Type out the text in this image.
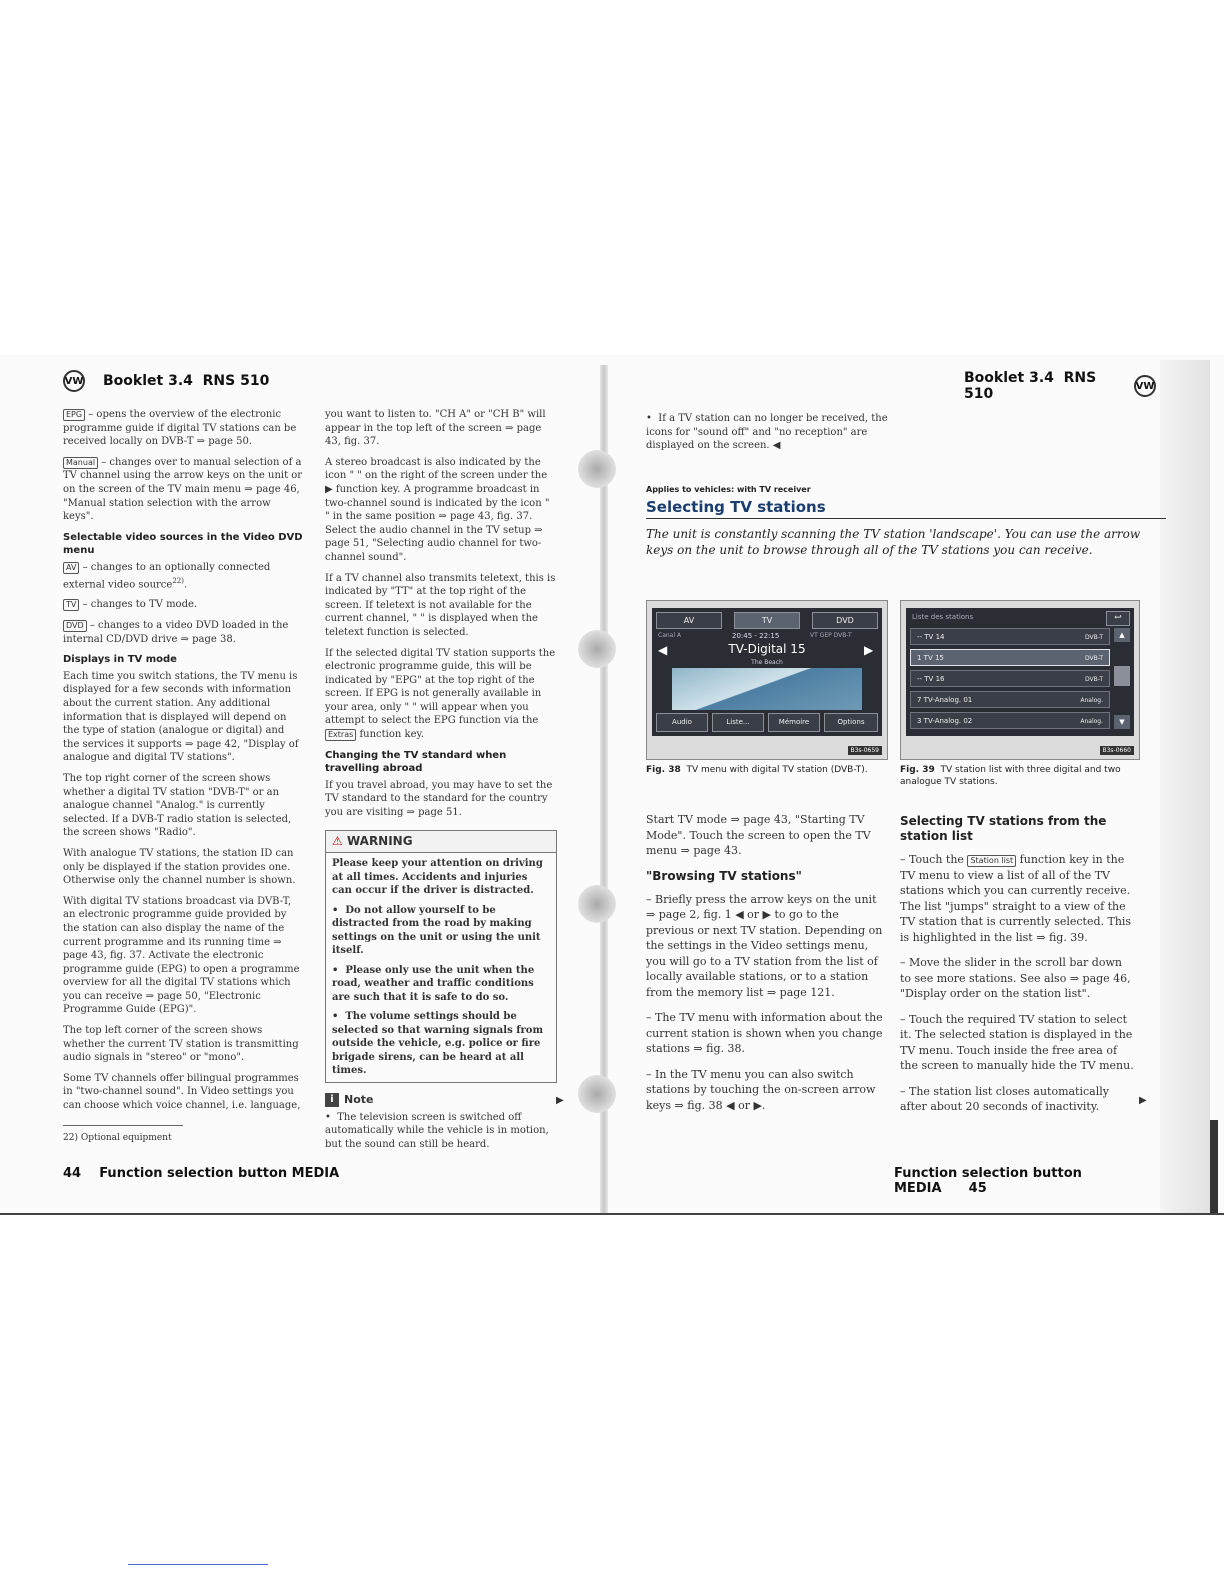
VW Booklet 3.4 RNS 510

EPG – opens the overview of the electronic programme guide if digital TV stations can be received locally on DVB-T ⇒ page 50.

Manual – changes over to manual selection of a TV channel using the arrow keys on the unit or on the screen of the TV main menu ⇒ page 46, "Manual station selection with the arrow keys".

Selectable video sources in the Video DVD menu

AV – changes to an optionally connected external video source$^{22)}$.

TV – changes to TV mode.

DVD – changes to a video DVD loaded in the internal CD/DVD drive ⇒ page 38.

Displays in TV mode

Each time you switch stations, the TV menu is displayed for a few seconds with information about the current station. Any additional information that is displayed will depend on the type of station (analogue or digital) and the services it supports ⇒ page 42, "Display of analogue and digital TV stations".

The top right corner of the screen shows whether a digital TV station "DVB-T" or an analogue channel "Analog." is currently selected. If a DVB-T radio station is selected, the screen shows "Radio".

With analogue TV stations, the station ID can only be displayed if the station provides one. Otherwise only the channel number is shown.

With digital TV stations broadcast via DVB-T, an electronic programme guide provided by the station can also display the name of the current programme and its running time ⇒ page 43, fig. 37. Activate the electronic programme guide (EPG) to open a programme overview for all the digital TV stations which you can receive ⇒ page 50, "Electronic Programme Guide (EPG)".

The top left corner of the screen shows whether the current TV station is transmitting audio signals in "stereo" or "mono".

Some TV channels offer bilingual programmes in "two-channel sound". In Video settings you can choose which voice channel, i.e. language,

you want to listen to. "CH A" or "CH B" will appear in the top left of the screen ⇒ page 43, fig. 37.

A stereo broadcast is also indicated by the icon " " on the right of the screen under the ▶ function key. A programme broadcast in two-channel sound is indicated by the icon " " in the same position ⇒ page 43, fig. 37. Select the audio channel in the TV setup ⇒ page 51, "Selecting audio channel for two-channel sound".

If a TV channel also transmits teletext, this is indicated by "TT" at the top right of the screen. If teletext is not available for the current channel, " " is displayed when the teletext function is selected.

If the selected digital TV station supports the electronic programme guide, this will be indicated by "EPG" at the top right of the screen. If EPG is not generally available in your area, only " " will appear when you attempt to select the EPG function via the Extras function key.

Changing the TV standard when travelling abroad

If you travel abroad, you may have to set the TV standard to the standard for the country you are visiting ⇒ page 51.

⚠ WARNING

Please keep your attention on driving at all times. Accidents and injuries can occur if the driver is distracted.

•  Do not allow yourself to be distracted from the road by making settings on the unit or using the unit itself.

•  Please only use the unit when the road, weather and traffic conditions are such that it is safe to do so.

•  The volume settings should be selected so that warning signals from outside the vehicle, e.g. police or fire brigade sirens, can be heard at all times.

i Note

•  The television screen is switched off automatically while the vehicle is in motion, but the sound can still be heard.

▶
22) Optional equipment
44 Function selection button MEDIA
Booklet 3.4 RNS 510	VW

•  If a TV station can no longer be received, the icons for "sound off" and "no reception" are displayed on the screen. ◀

Applies to vehicles: with TV receiver
Selecting TV stations
The unit is constantly scanning the TV station 'landscape'. You can use the arrow keys on the unit to browse through all of the TV stations you can receive.
AV	TV	DVD
Canal A	20:45 - 22:15	VT GEP DVB-T
◀	▶
TV-Digital 15
The Beach
Audio	Liste...	Mémoire	Options
B3s-0659
Fig. 38 TV menu with digital TV station (DVB-T).
Liste des stations	↩
-- TV 14	DVB-T
1 TV 15	DVB-T
-- TV 16	DVB-T
7 TV-Analog. 01	Analog.
3 TV-Analog. 02	Analog.
▲
▼
B3s-0660
Fig. 39 TV station list with three digital and two analogue TV stations.

Start TV mode ⇒ page 43, "Starting TV Mode". Touch the screen to open the TV menu ⇒ page 43.

"Browsing TV stations"

– Briefly press the arrow keys on the unit ⇒ page 2, fig. 1 ◀ or ▶ to go to the previous or next TV station. Depending on the settings in the Video settings menu, you will go to a TV station from the list of locally available stations, or to a station from the memory list ⇒ page 121.

– The TV menu with information about the current station is shown when you change stations ⇒ fig. 38.

– In the TV menu you can also switch stations by touching the on-screen arrow keys ⇒ fig. 38 ◀ or ▶.

Selecting TV stations from the station list

– Touch the Station list function key in the TV menu to view a list of all of the TV stations which you can currently receive. The list "jumps" straight to a view of the TV station that is currently selected. This is highlighted in the list ⇒ fig. 39.

– Move the slider in the scroll bar down to see more stations. See also ⇒ page 46, "Display order on the station list".

– Touch the required TV station to select it. The selected station is displayed in the TV menu. Touch inside the free area of the screen to manually hide the TV menu.

– The station list closes automatically after about 20 seconds of inactivity.	▶
Function selection button MEDIA 45
